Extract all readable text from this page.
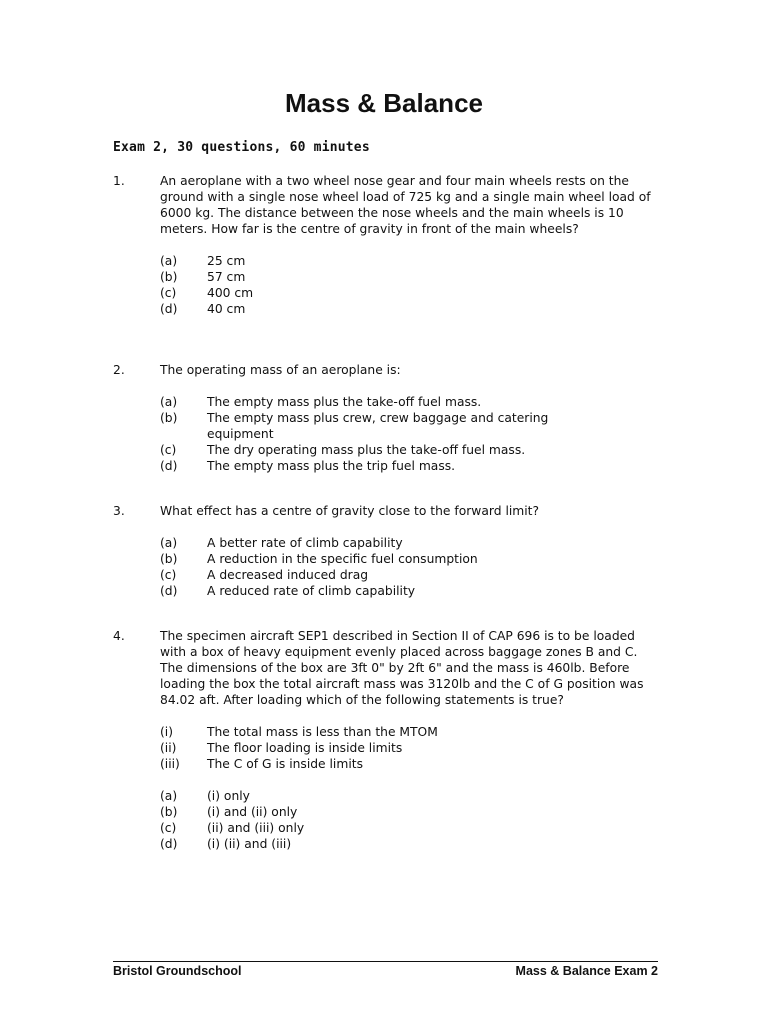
Mass & Balance

Exam 2, 30 questions, 60 minutes

1.	An aeroplane with a two wheel nose gear and four main wheels rests on the ground with a single nose wheel load of 725 kg and a single main wheel load of 6000 kg. The distance between the nose wheels and the main wheels is 10 meters. How far is the centre of gravity in front of the main wheels?
(a)	25 cm
(b)	57 cm
(c)	400 cm
(d)	40 cm
2.	The operating mass of an aeroplane is:
(a)	The empty mass plus the take-off fuel mass.
(b)	The empty mass plus crew, crew baggage and catering equipment
(c)	The dry operating mass plus the take-off fuel mass.
(d)	The empty mass plus the trip fuel mass.
3.	What effect has a centre of gravity close to the forward limit?
(a)	A better rate of climb capability
(b)	A reduction in the specific fuel consumption
(c)	A decreased induced drag
(d)	A reduced rate of climb capability
4.	The specimen aircraft SEP1 described in Section II of CAP 696 is to be loaded with a box of heavy equipment evenly placed across baggage zones B and C. The dimensions of the box are 3ft 0" by 2ft 6" and the mass is 460lb. Before loading the box the total aircraft mass was 3120lb and the C of G position was 84.02 aft. After loading which of the following statements is true?
(i)	The total mass is less than the MTOM
(ii)	The floor loading is inside limits
(iii)	The C of G is inside limits
(a)	(i) only
(b)	(i) and (ii) only
(c)	(ii) and (iii) only
(d)	(i) (ii) and (iii)
Bristol Groundschool	Mass & Balance Exam 2
